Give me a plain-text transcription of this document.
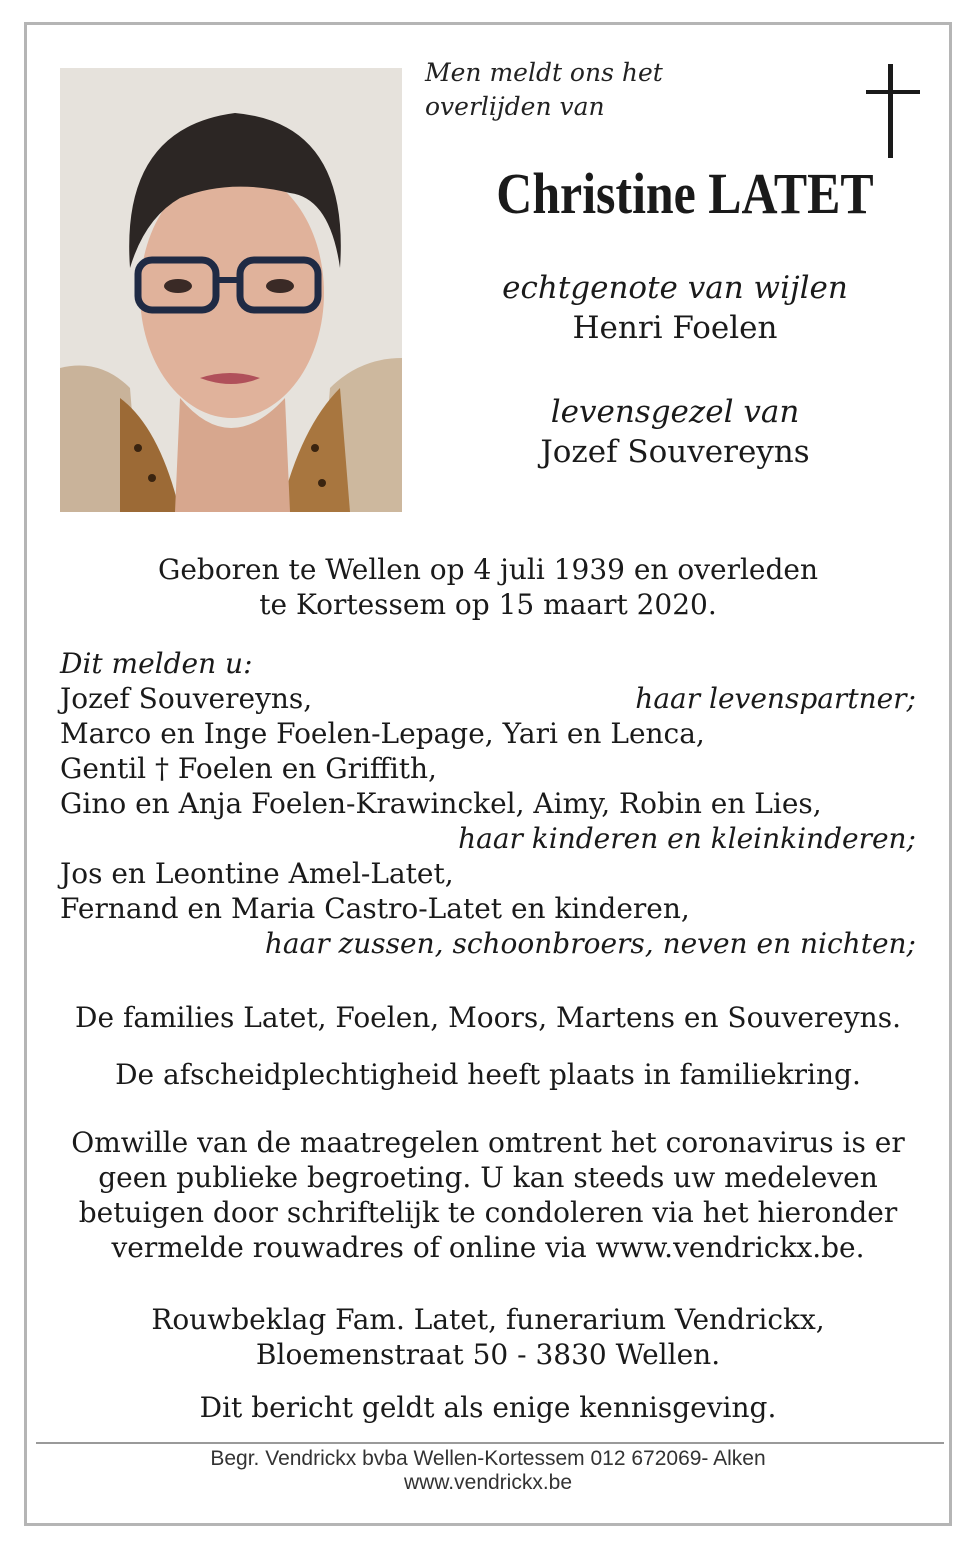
Men meldt ons het
overlijden van
Christine LATET
echtgenote van wijlen
Henri Foelen
levensgezel van
Jozef Souvereyns
Geboren te Wellen op 4 juli 1939 en overleden
te Kortessem op 15 maart 2020.
Dit melden u:
Jozef Souvereyns,	haar levenspartner;
Marco en Inge Foelen-Lepage, Yari en Lenca,
Gentil † Foelen en Griffith,
Gino en Anja Foelen-Krawinckel, Aimy, Robin en Lies,
haar kinderen en kleinkinderen;
Jos en Leontine Amel-Latet,
Fernand en Maria Castro-Latet en kinderen,
haar zussen, schoonbroers, neven en nichten;
De families Latet, Foelen, Moors, Martens en Souvereyns.
De afscheidplechtigheid heeft plaats in familiekring.
Omwille van de maatregelen omtrent het coronavirus is er
geen publieke begroeting. U kan steeds uw medeleven
betuigen door schriftelijk te condoleren via het hieronder
vermelde rouwadres of online via www.vendrickx.be.
Rouwbeklag Fam. Latet, funerarium Vendrickx,
Bloemenstraat 50 - 3830 Wellen.
Dit bericht geldt als enige kennisgeving.
Begr. Vendrickx bvba Wellen-Kortessem 012 672069- Alken
www.vendrickx.be
